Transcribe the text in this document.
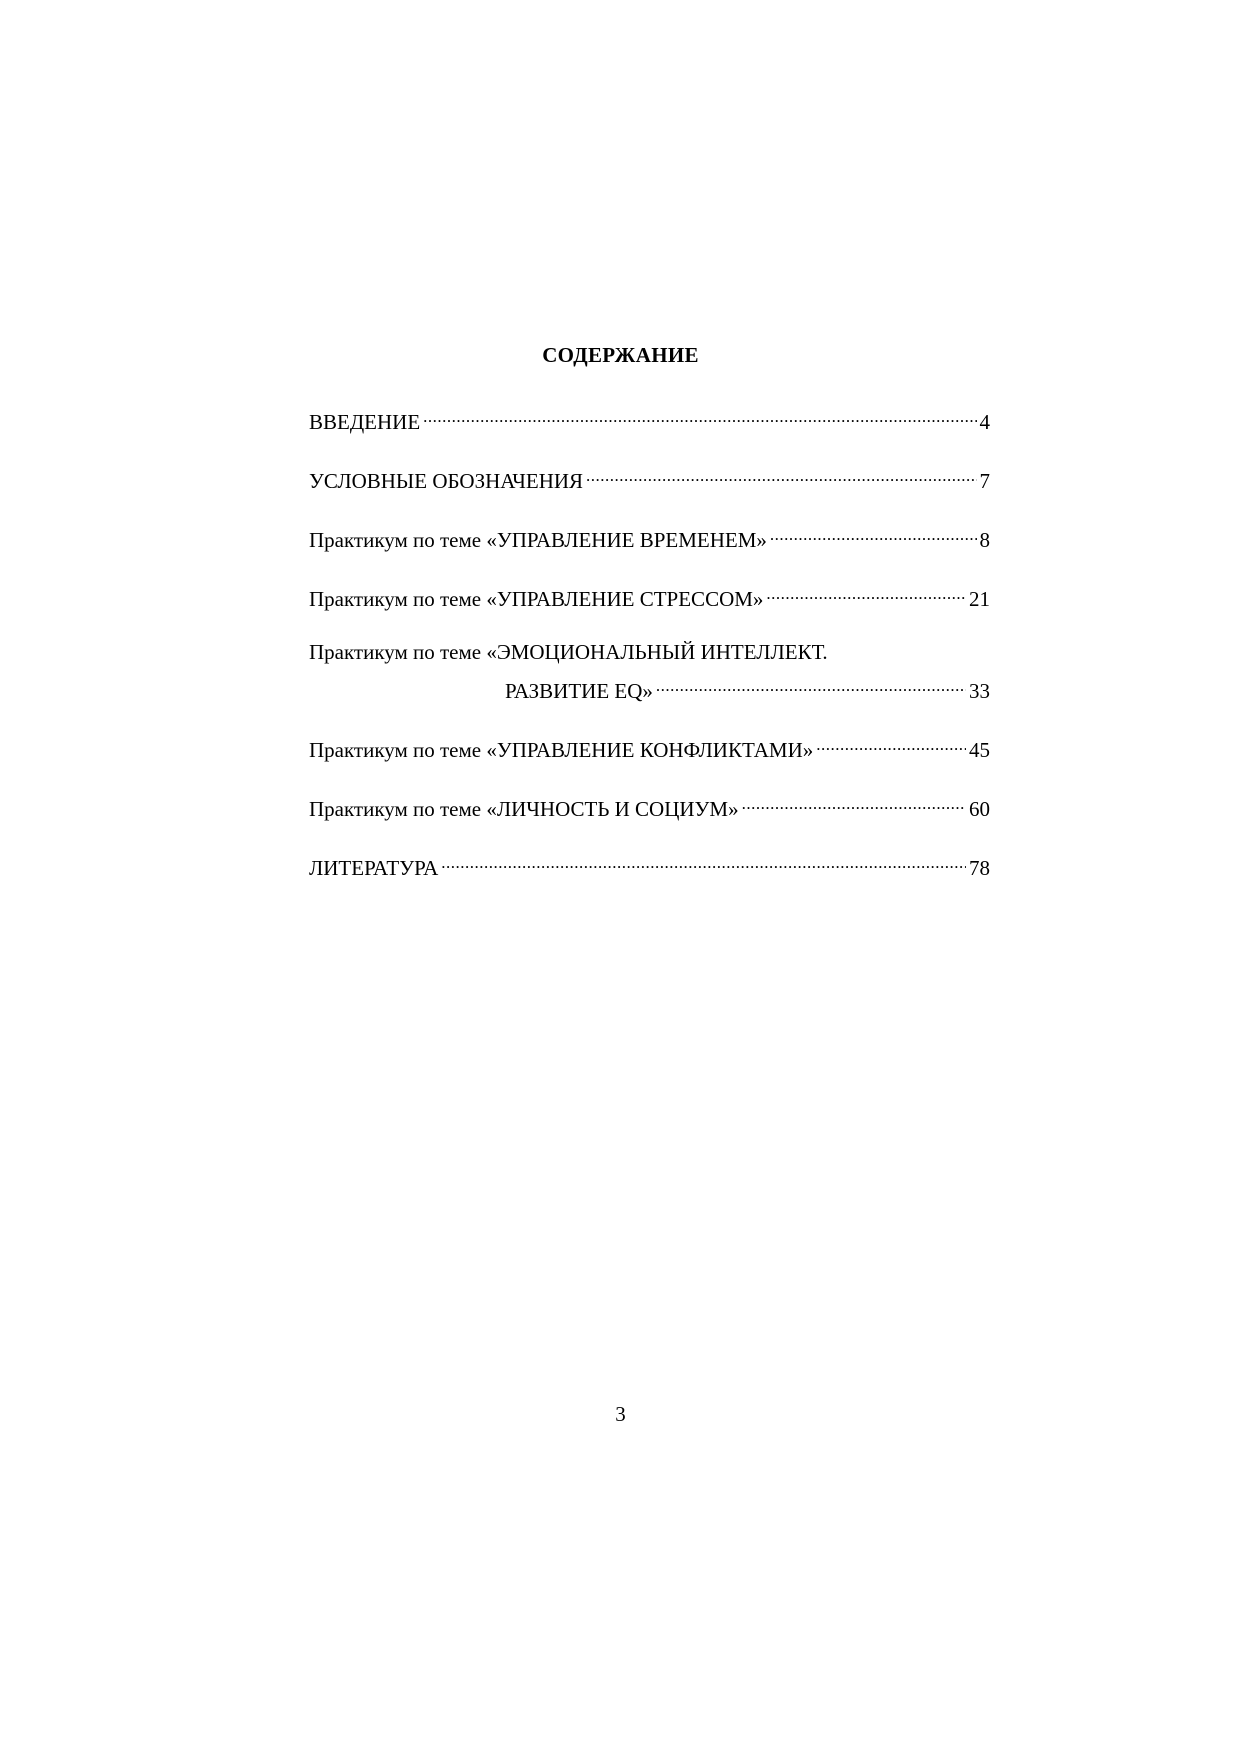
СОДЕРЖАНИЕ
ВВЕДЕНИЕ .....	4
УСЛОВНЫЕ ОБОЗНАЧЕНИЯ .....	7
Практикум по теме «УПРАВЛЕНИЕ ВРЕМЕНЕМ» .....	8
Практикум по теме «УПРАВЛЕНИЕ СТРЕССОМ» .....	21
Практикум по теме «ЭМОЦИОНАЛЬНЫЙ ИНТЕЛЛЕКТ.
РАЗВИТИЕ EQ» .....	33
Практикум по теме «УПРАВЛЕНИЕ КОНФЛИКТАМИ» .....	45
Практикум по теме «ЛИЧНОСТЬ И СОЦИУМ» .....	60
ЛИТЕРАТУРА .....	78
3
